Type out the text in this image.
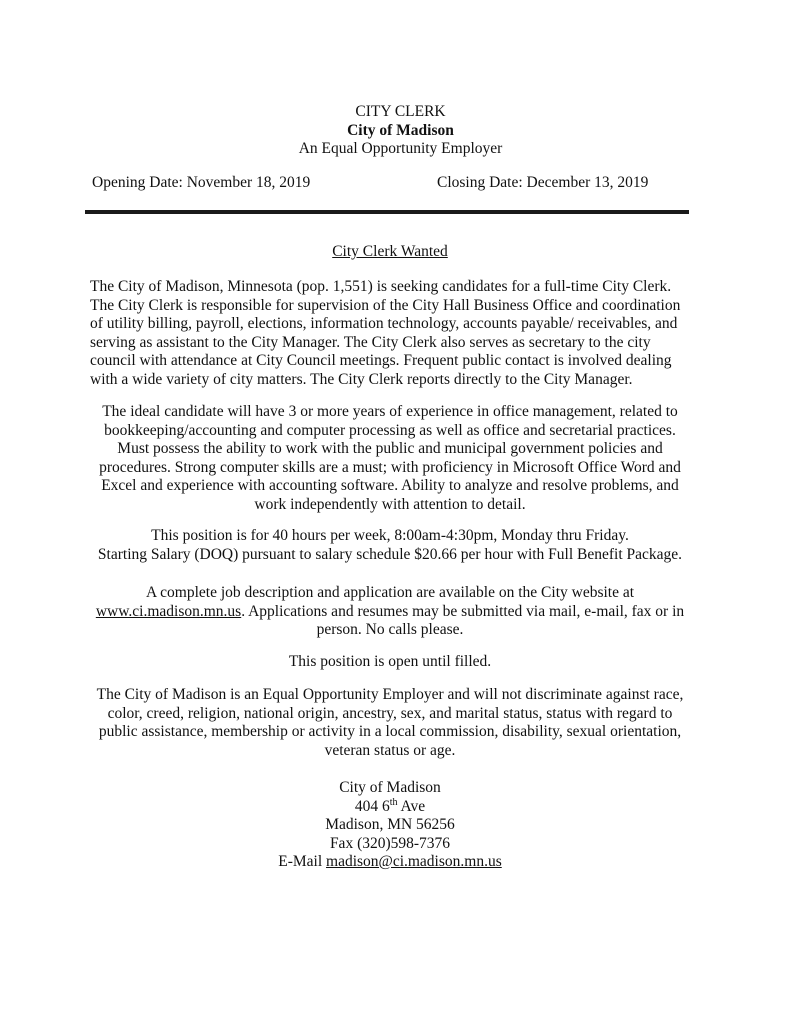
CITY CLERK
City of Madison
An Equal Opportunity Employer
Opening Date: November 18, 2019	Closing Date: December 13, 2019
City Clerk Wanted
The City of Madison, Minnesota (pop. 1,551) is seeking candidates for a full-time City Clerk. The City Clerk is responsible for supervision of the City Hall Business Office and coordination of utility billing, payroll, elections, information technology, accounts payable/ receivables, and serving as assistant to the City Manager. The City Clerk also serves as secretary to the city council with attendance at City Council meetings. Frequent public contact is involved dealing with a wide variety of city matters. The City Clerk reports directly to the City Manager.
The ideal candidate will have 3 or more years of experience in office management, related to bookkeeping/accounting and computer processing as well as office and secretarial practices. Must possess the ability to work with the public and municipal government policies and procedures. Strong computer skills are a must; with proficiency in Microsoft Office Word and Excel and experience with accounting software. Ability to analyze and resolve problems, and work independently with attention to detail.
This position is for 40 hours per week, 8:00am-4:30pm, Monday thru Friday.
Starting Salary (DOQ) pursuant to salary schedule $20.66 per hour with Full Benefit Package.
A complete job description and application are available on the City website at www.ci.madison.mn.us. Applications and resumes may be submitted via mail, e-mail, fax or in person. No calls please.
This position is open until filled.
The City of Madison is an Equal Opportunity Employer and will not discriminate against race, color, creed, religion, national origin, ancestry, sex, and marital status, status with regard to public assistance, membership or activity in a local commission, disability, sexual orientation, veteran status or age.
City of Madison
404 6th Ave
Madison, MN 56256
Fax (320)598-7376
E-Mail madison@ci.madison.mn.us
